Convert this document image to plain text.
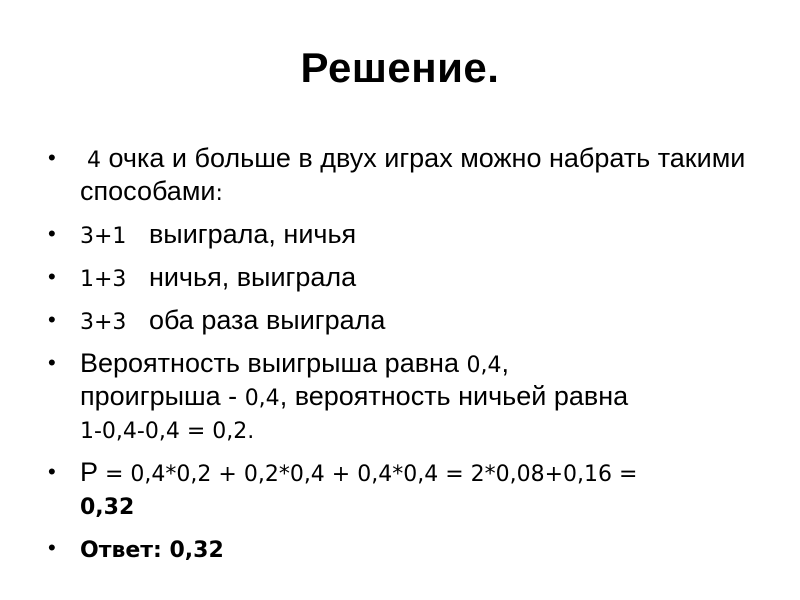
Решение.
• 4 очка и больше в двух играх можно набрать такими способами:
• 3+1   выиграла, ничья
• 1+3   ничья, выиграла
• 3+3   оба раза выиграла
• Вероятность выигрыша равна 0,4,
проигрыша - 0,4, вероятность ничьей равна
1-0,4-0,4 = 0,2.
• Р = 0,4*0,2 + 0,2*0,4 + 0,4*0,4 = 2*0,08+0,16 =
0,32
• Ответ: 0,32
